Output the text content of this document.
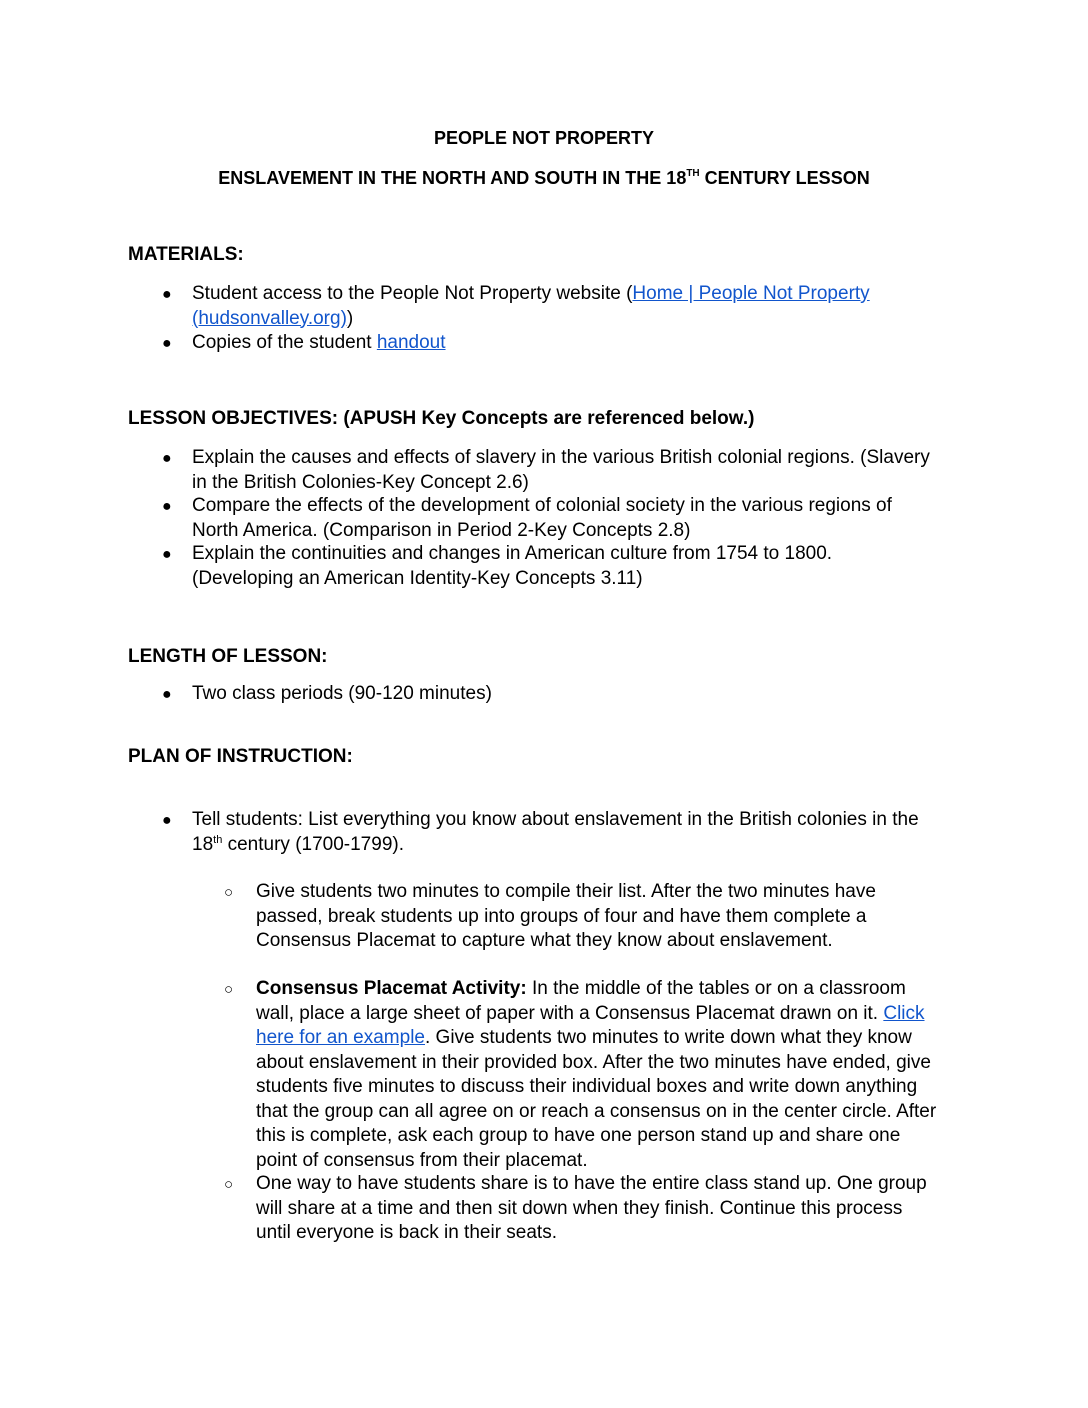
PEOPLE NOT PROPERTY
ENSLAVEMENT IN THE NORTH AND SOUTH IN THE 18TH CENTURY LESSON
MATERIALS:
● Student access to the People Not Property website (Home | People Not Property
(hudsonvalley.org))
● Copies of the student handout
LESSON OBJECTIVES: (APUSH Key Concepts are referenced below.)
● Explain the causes and effects of slavery in the various British colonial regions. (Slavery
in the British Colonies-Key Concept 2.6)
● Compare the effects of the development of colonial society in the various regions of
North America. (Comparison in Period 2-Key Concepts 2.8)
● Explain the continuities and changes in American culture from 1754 to 1800.
(Developing an American Identity-Key Concepts 3.11)
LENGTH OF LESSON:
● Two class periods (90-120 minutes)
PLAN OF INSTRUCTION:
● Tell students: List everything you know about enslavement in the British colonies in the
18th century (1700-1799).
○ Give students two minutes to compile their list. After the two minutes have
passed, break students up into groups of four and have them complete a
Consensus Placemat to capture what they know about enslavement.
○ Consensus Placemat Activity: In the middle of the tables or on a classroom
wall, place a large sheet of paper with a Consensus Placemat drawn on it. Click
here for an example. Give students two minutes to write down what they know
about enslavement in their provided box. After the two minutes have ended, give
students five minutes to discuss their individual boxes and write down anything
that the group can all agree on or reach a consensus on in the center circle. After
this is complete, ask each group to have one person stand up and share one
point of consensus from their placemat.
○ One way to have students share is to have the entire class stand up. One group
will share at a time and then sit down when they finish. Continue this process
until everyone is back in their seats.
